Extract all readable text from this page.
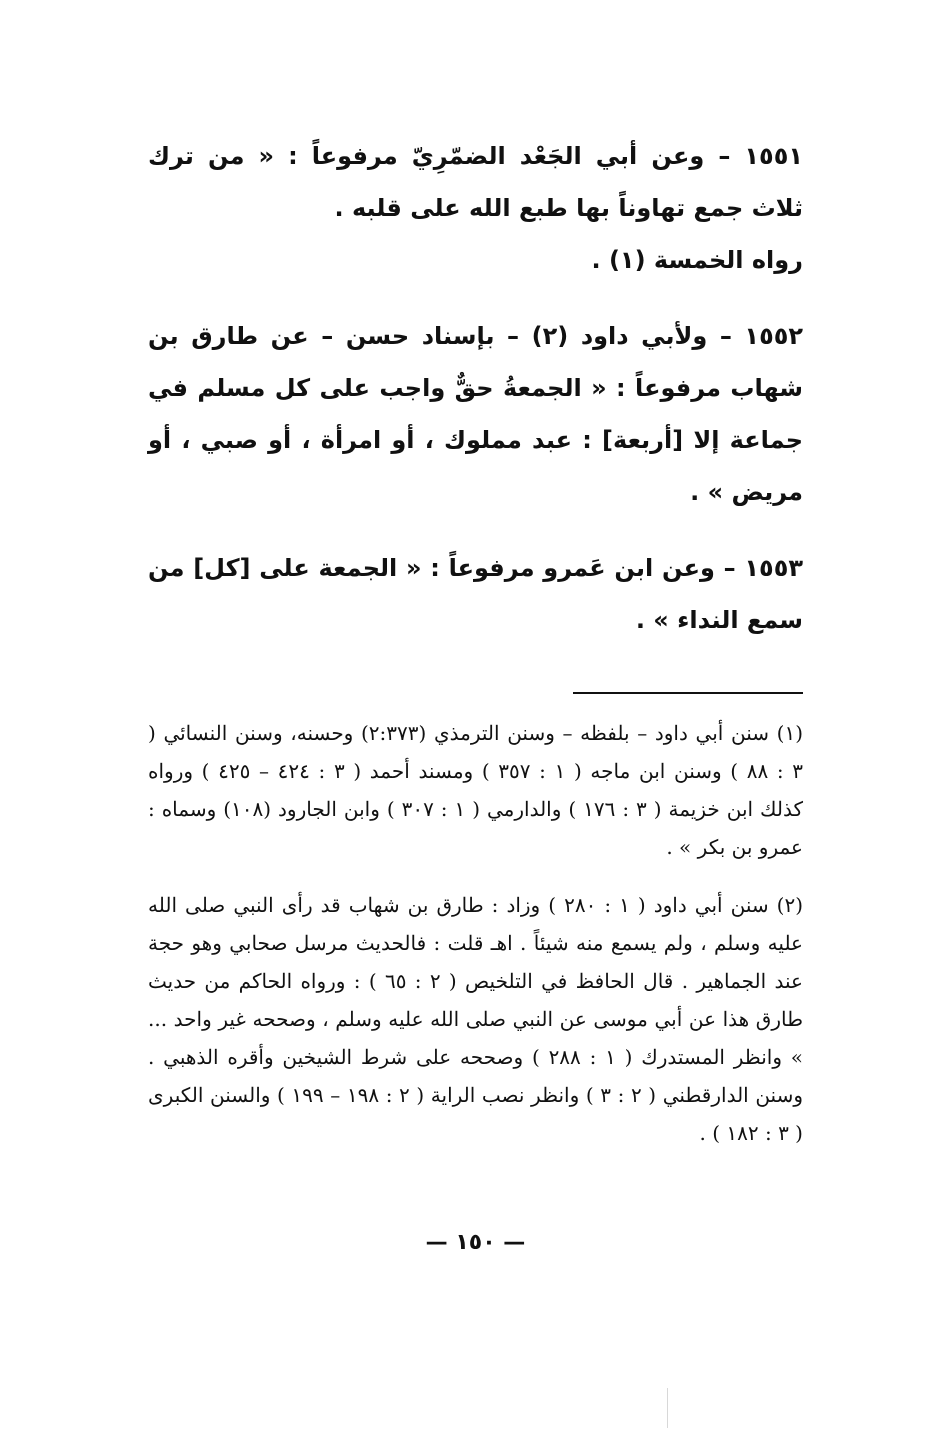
١٥٥١ – وعن أبي الجَعْد الضمّرِيّ مرفوعاً : « من ترك ثلاث جمع تهاوناً بها طبع الله على قلبه .

رواه الخمسة (١) .

١٥٥٢ – ولأبي داود (٢) – بإسناد حسن – عن طارق بن شهاب مرفوعاً : « الجمعةُ حقٌّ واجب على كل مسلم في جماعة إلا [أربعة] : عبد مملوك ، أو امرأة ، أو صبي ، أو مريض » .

١٥٥٣ – وعن ابن عَمرو مرفوعاً : « الجمعة على [كل] من سمع النداء » .

(١) سنن أبي داود – بلفظه – وسنن الترمذي (٢:٣٧٣) وحسنه، وسنن النسائي ( ٣ : ٨٨ ) وسنن ابن ماجه ( ١ : ٣٥٧ ) ومسند أحمد ( ٣ : ٤٢٤ – ٤٢٥ ) ورواه كذلك ابن خزيمة ( ٣ : ١٧٦ ) والدارمي ( ١ : ٣٠٧ ) وابن الجارود (١٠٨) وسماه : عمرو بن بكر » .

(٢) سنن أبي داود ( ١ : ٢٨٠ ) وزاد : طارق بن شهاب قد رأى النبي صلى الله عليه وسلم ، ولم يسمع منه شيئاً . اهـ قلت : فالحديث مرسل صحابي وهو حجة عند الجماهير . قال الحافظ في التلخيص ( ٢ : ٦٥ ) : ورواه الحاكم من حديث طارق هذا عن أبي موسى عن النبي صلى الله عليه وسلم ، وصححه غير واحد ... » وانظر المستدرك ( ١ : ٢٨٨ ) وصححه على شرط الشيخين وأقره الذهبي . وسنن الدارقطني ( ٢ : ٣ ) وانظر نصب الراية ( ٢ : ١٩٨ – ١٩٩ ) والسنن الكبرى ( ٣ : ١٨٢ ) .

— ١٥٠ —
